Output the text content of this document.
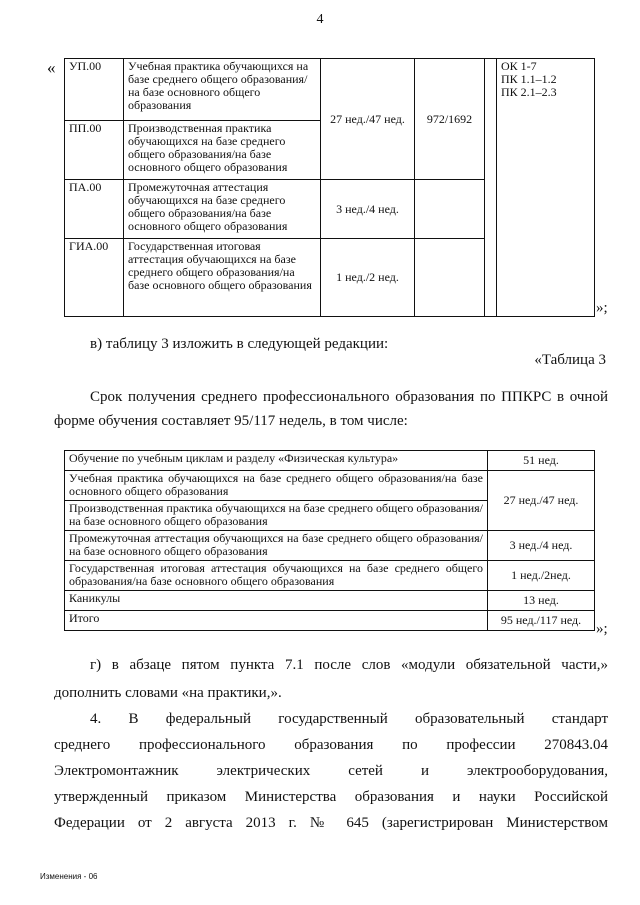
4
« УП.00	Учебная практика обучающихся на базе среднего общего образования/на базе основного общего образования	27 нед./47 нед.	972/1692		ОК 1-7
ПК 1.1–1.2
ПК 2.1–2.3

ПП.00	Производственная практика обучающихся на базе среднего общего образования/на базе основного общего образования				
ПА.00	Промежуточная аттестация обучающихся на базе среднего общего образования/на базе основного общего образования	3 нед./4 нед.			
ГИА.00	Государственная итоговая аттестация обучающихся на базе среднего общего образования/на базе основного общего образования	1 нед./2 нед.			
»;
в) таблицу 3 изложить в следующей редакции:
«Таблица 3
Срок получения среднего профессионального образования по ППКРС в очной
форме обучения составляет 95/117 недель, в том числе:
Обучение по учебным циклам и разделу «Физическая культура»	51 нед.
Учебная практика обучающихся на базе среднего общего образования/на базе основного общего образования	27 нед./47 нед.
Производственная практика обучающихся на базе среднего общего образования/на базе основного общего образования	
Промежуточная аттестация обучающихся на базе среднего общего образования/на базе основного общего образования	3 нед./4 нед.
Государственная итоговая аттестация обучающихся на базе среднего общего образования/на базе основного общего образования	1 нед./2нед.
Каникулы	13 нед.
Итого	95 нед./117 нед.
»;
г) в абзаце пятом пункта 7.1 после слов «модули обязательной части,»
дополнить словами «на практики,».
4. В федеральный государственный образовательный стандарт
среднего профессионального образования по профессии 270843.04
Электромонтажник электрических сетей и электрооборудования,
утвержденный приказом Министерства образования и науки Российской
Федерации от 2 августа 2013 г. № 645 (зарегистрирован Министерством
Изменения - 06
